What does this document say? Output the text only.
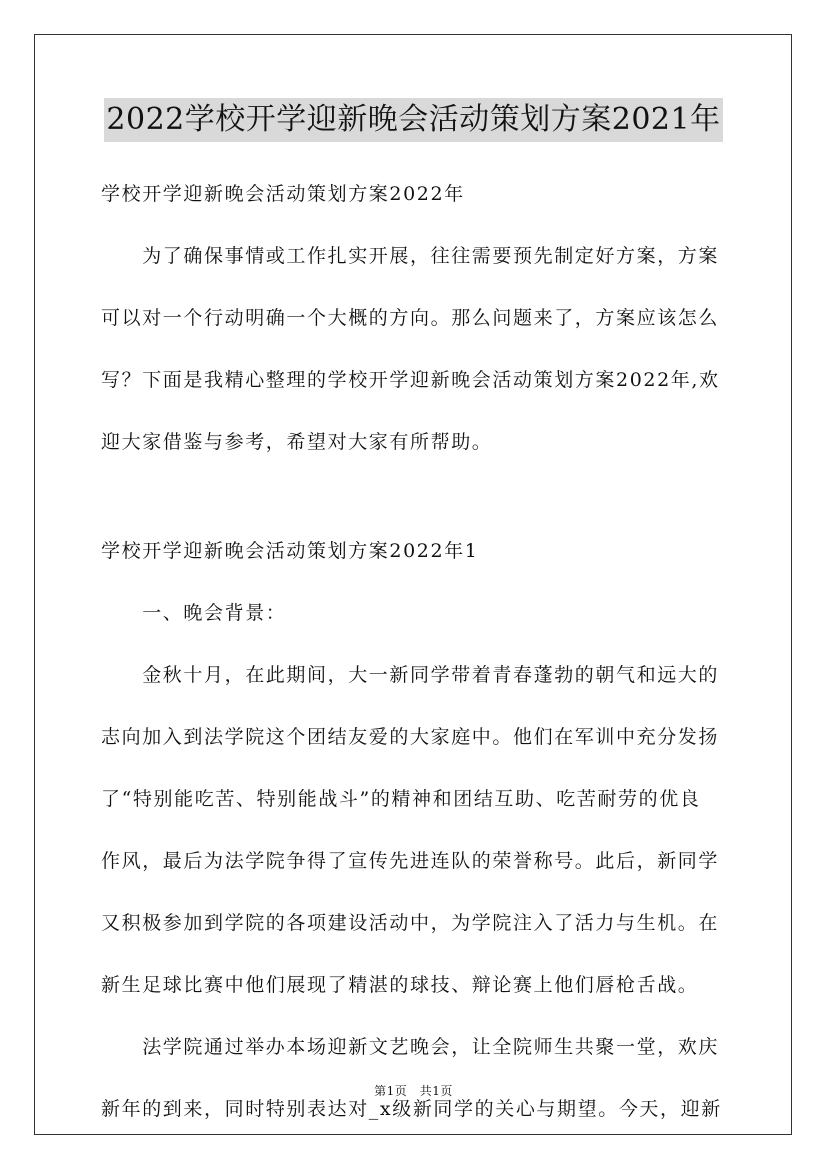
2022学校开学迎新晚会活动策划方案2021年
学校开学迎新晚会活动策划方案2022年
　　为了确保事情或工作扎实开展，往往需要预先制定好方案，方案
可以对一个行动明确一个大概的方向。那么问题来了，方案应该怎么
写？下面是我精心整理的学校开学迎新晚会活动策划方案2022年,欢
迎大家借鉴与参考，希望对大家有所帮助。
学校开学迎新晚会活动策划方案2022年1
　　一、晚会背景：
　　金秋十月，在此期间，大一新同学带着青春蓬勃的朝气和远大的
志向加入到法学院这个团结友爱的大家庭中。他们在军训中充分发扬
了“特别能吃苦、特别能战斗”的精神和团结互助、吃苦耐劳的优良
作风，最后为法学院争得了宣传先进连队的荣誉称号。此后，新同学
又积极参加到学院的各项建设活动中，为学院注入了活力与生机。在
新生足球比赛中他们展现了精湛的球技、辩论赛上他们唇枪舌战。
　　法学院通过举办本场迎新文艺晚会，让全院师生共聚一堂，欢庆
新年的到来，同时特别表达对_x级新同学的关心与期望。今天，迎新
第1页　共1页
